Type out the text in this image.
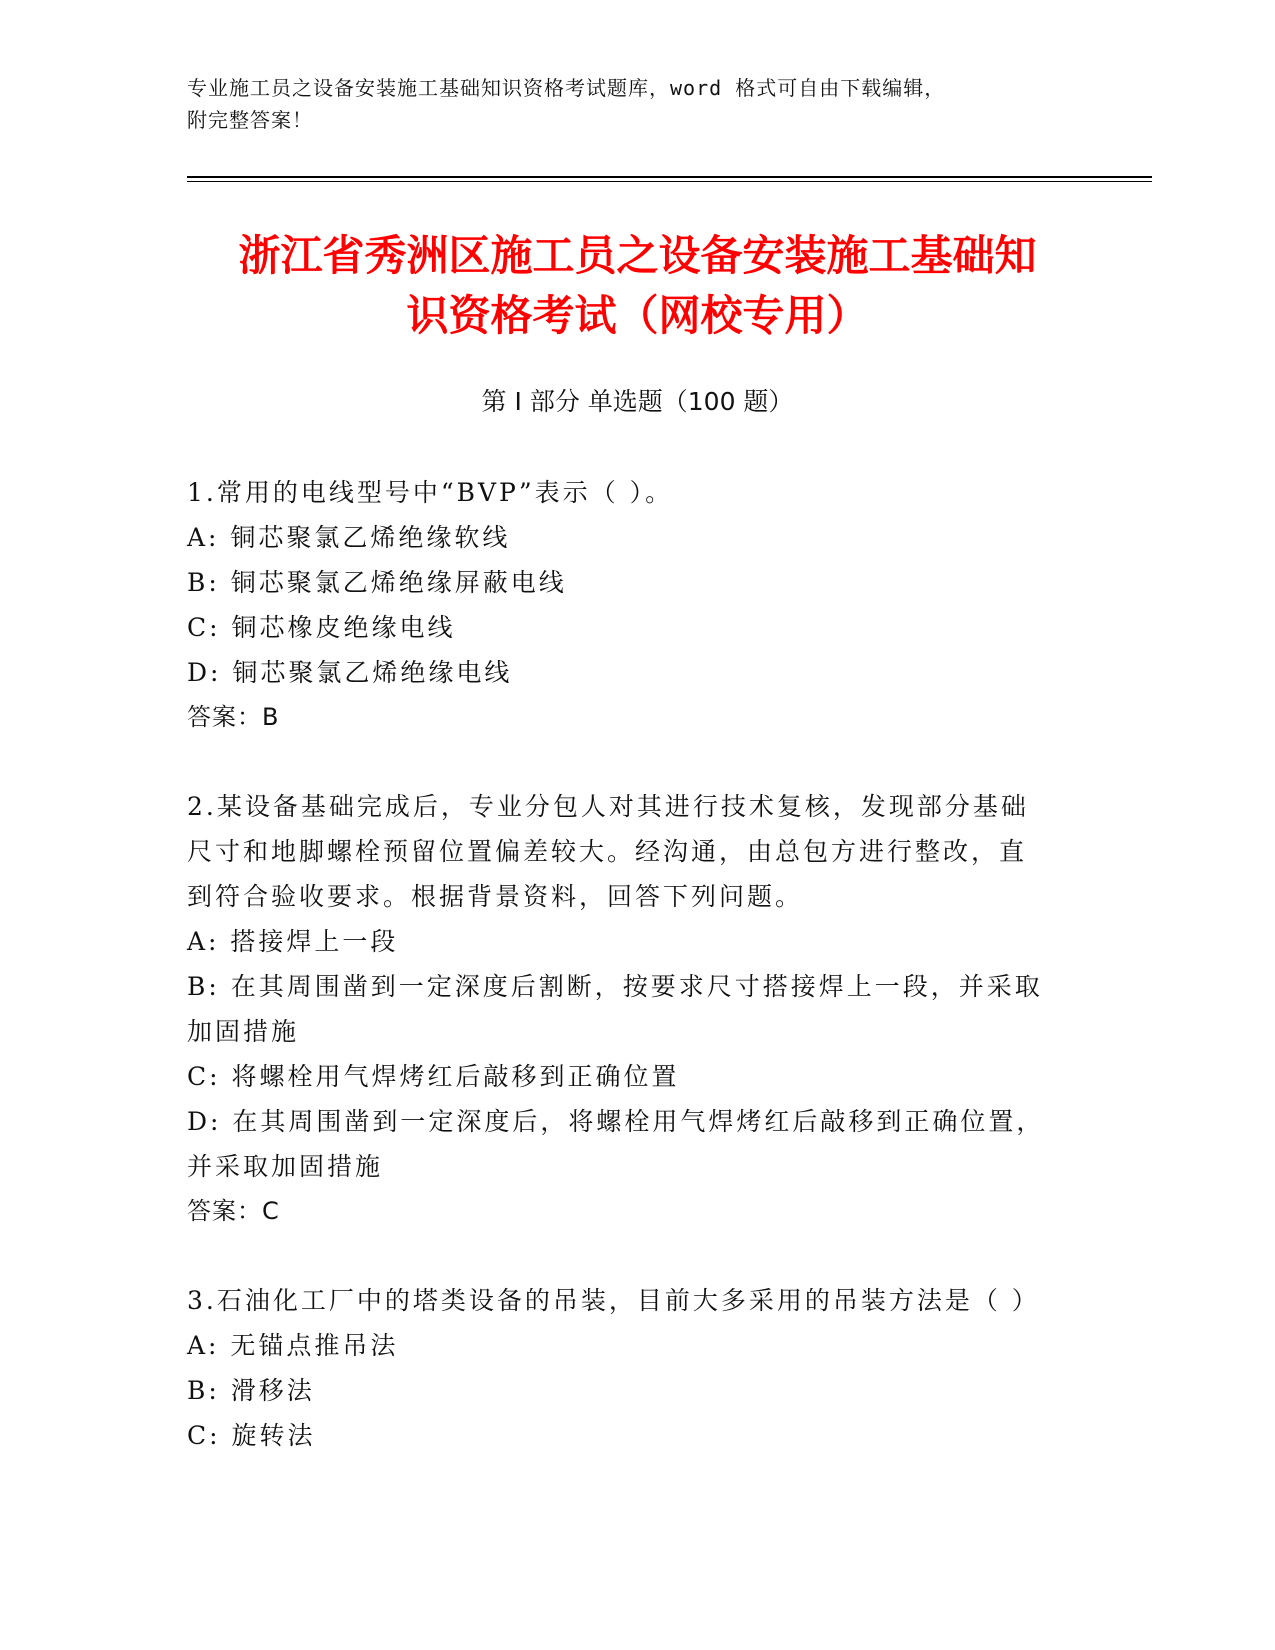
专业施工员之设备安装施工基础知识资格考试题库，word 格式可自由下载编辑，
附完整答案！
浙江省秀洲区施工员之设备安装施工基础知
识资格考试（网校专用）
第 I 部分 单选题（100 题）

1.常用的电线型号中“BVP”表示（ ）。

A: 铜芯聚氯乙烯绝缘软线

B: 铜芯聚氯乙烯绝缘屏蔽电线

C: 铜芯橡皮绝缘电线

D: 铜芯聚氯乙烯绝缘电线

答案：B

2.某设备基础完成后，专业分包人对其进行技术复核，发现部分基础

尺寸和地脚螺栓预留位置偏差较大。经沟通，由总包方进行整改，直

到符合验收要求。根据背景资料，回答下列问题。

A: 搭接焊上一段

B: 在其周围凿到一定深度后割断，按要求尺寸搭接焊上一段，并采取

加固措施

C: 将螺栓用气焊烤红后敲移到正确位置

D: 在其周围凿到一定深度后，将螺栓用气焊烤红后敲移到正确位置，

并采取加固措施

答案：C

3.石油化工厂中的塔类设备的吊装，目前大多采用的吊装方法是（ ）

A: 无锚点推吊法

B: 滑移法

C: 旋转法
